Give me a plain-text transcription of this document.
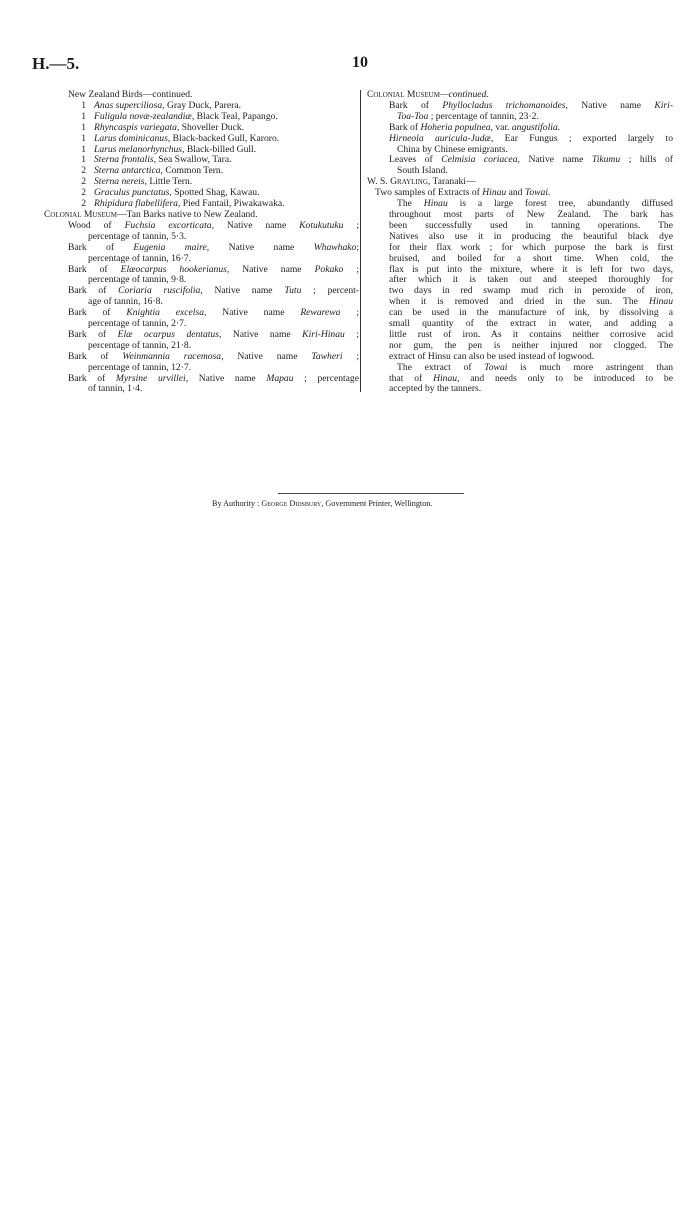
H.—5.	10
New Zealand Birds—continued.
1 Anas superciliosa, Gray Duck, Parera.
1 Fuligula novæ-zealandiæ, Black Teal, Papango.
1 Rhyncaspis variegata, Shoveller Duck.
1 Larus dominicanus, Black-backed Gull, Karoro.
1 Larus melanorhynchus, Black-billed Gull.
1 Sterna frontalis, Sea Swallow, Tara.
2 Sterna antarctica, Common Tern.
2 Sterna nereis, Little Tern.
2 Graculus punctatus, Spotted Shag, Kawau.
2 Rhipidura flabellifera, Pied Fantail, Piwakawaka.
Colonial Museum—Tan Barks native to New Zealand.
Wood of Fuchsia excorticata, Native name Kotukutuku ;
percentage of tannin, 5·3.
Bark of Eugenia maire, Native name Whawhako;
percentage of tannin, 16·7.
Bark of Elæocarpus hookerianus, Native name Pokako ;
percentage of tannin, 9·8.
Bark of Coriaria ruscifolia, Native name Tutu ; percent-
age of tannin, 16·8.
Bark of Knightia excelsa, Native name Rewarewa ;
percentage of tannin, 2·7.
Bark of Elæ ocarpus dentatus, Native name Kiri-Hinau ;
percentage of tannin, 21·8.
Bark of Weinmannia racemosa, Native name Tawheri ;
percentage of tannin, 12·7.
Bark of Myrsine urvillei, Native name Mapau ; percentage
of tannin, 1·4.
Colonial Museum—continued.
Bark of Phyllocladus trichomanoides, Native name Kiri-
Toa-Toa ; percentage of tannin, 23·2.
Bark of Hoheria populnea, var. angustifolia.
Hirneola auricula-Judæ, Ear Fungus ; exported largely to
China by Chinese emigrants.
Leaves of Celmisia coriacea, Native name Tikumu ; hills of
South Island.
W. S. Grayling, Taranaki—
Two samples of Extracts of Hinau and Towai.
The Hinau is a large forest tree, abundantly diffused
throughout most parts of New Zealand. The bark has
been successfully used in tanning operations. The
Natives also use it in producing the beautiful black dye
for their flax work ; for which purpose the bark is first
bruised, and boiled for a short time. When cold, the
flax is put into the mixture, where it is left for two days,
after which it is taken out and steeped thoroughly for
two days in red swamp mud rich in peroxide of iron,
when it is removed and dried in the sun. The Hinau
can be used in the manufacture of ink, by dissolving a
small quantity of the extract in water, and adding a
little rust of iron. As it contains neither corrosive acid
nor gum, the pen is neither injured nor clogged. The
extract of Hinsu can also be used instead of logwood.
The extract of Towai is much more astringent than
that of Hinau, and needs only to be introduced to be
accepted by the tanners.
By Authority : George Didsbury, Government Printer, Wellington.
